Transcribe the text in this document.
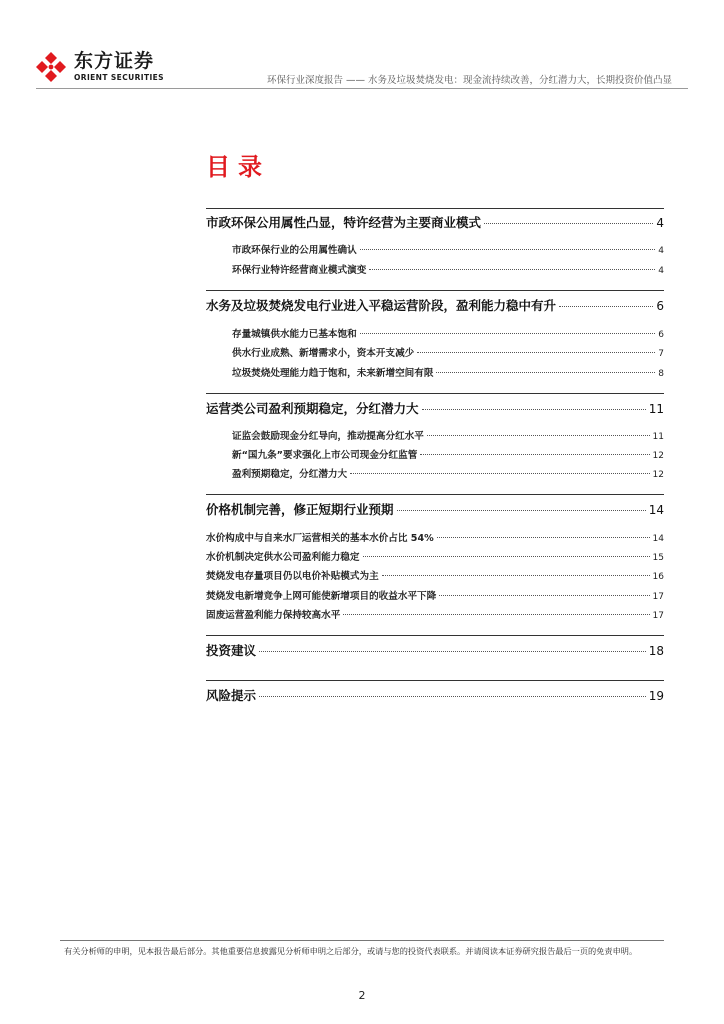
东方证券
ORIENT SECURITIES	环保行业深度报告 —— 水务及垃圾焚烧发电：现金流持续改善，分红潜力大，长期投资价值凸显
目录
市政环保公用属性凸显，特许经营为主要商业模式	4
市政环保行业的公用属性确认	4
环保行业特许经营商业模式演变	4
水务及垃圾焚烧发电行业进入平稳运营阶段，盈利能力稳中有升	6
存量城镇供水能力已基本饱和	6
供水行业成熟、新增需求小，资本开支减少	7
垃圾焚烧处理能力趋于饱和，未来新增空间有限	8
运营类公司盈利预期稳定，分红潜力大	11
证监会鼓励现金分红导向，推动提高分红水平	11
新“国九条”要求强化上市公司现金分红监管	12
盈利预期稳定，分红潜力大	12
价格机制完善，修正短期行业预期	14
水价构成中与自来水厂运营相关的基本水价占比 54%	14
水价机制决定供水公司盈利能力稳定	15
焚烧发电存量项目仍以电价补贴模式为主	16
焚烧发电新增竞争上网可能使新增项目的收益水平下降	17
固废运营盈利能力保持较高水平	17
投资建议	18
风险提示	19
有关分析师的申明，见本报告最后部分。其他重要信息披露见分析师申明之后部分，或请与您的投资代表联系。并请阅读本证券研究报告最后一页的免责申明。
2
